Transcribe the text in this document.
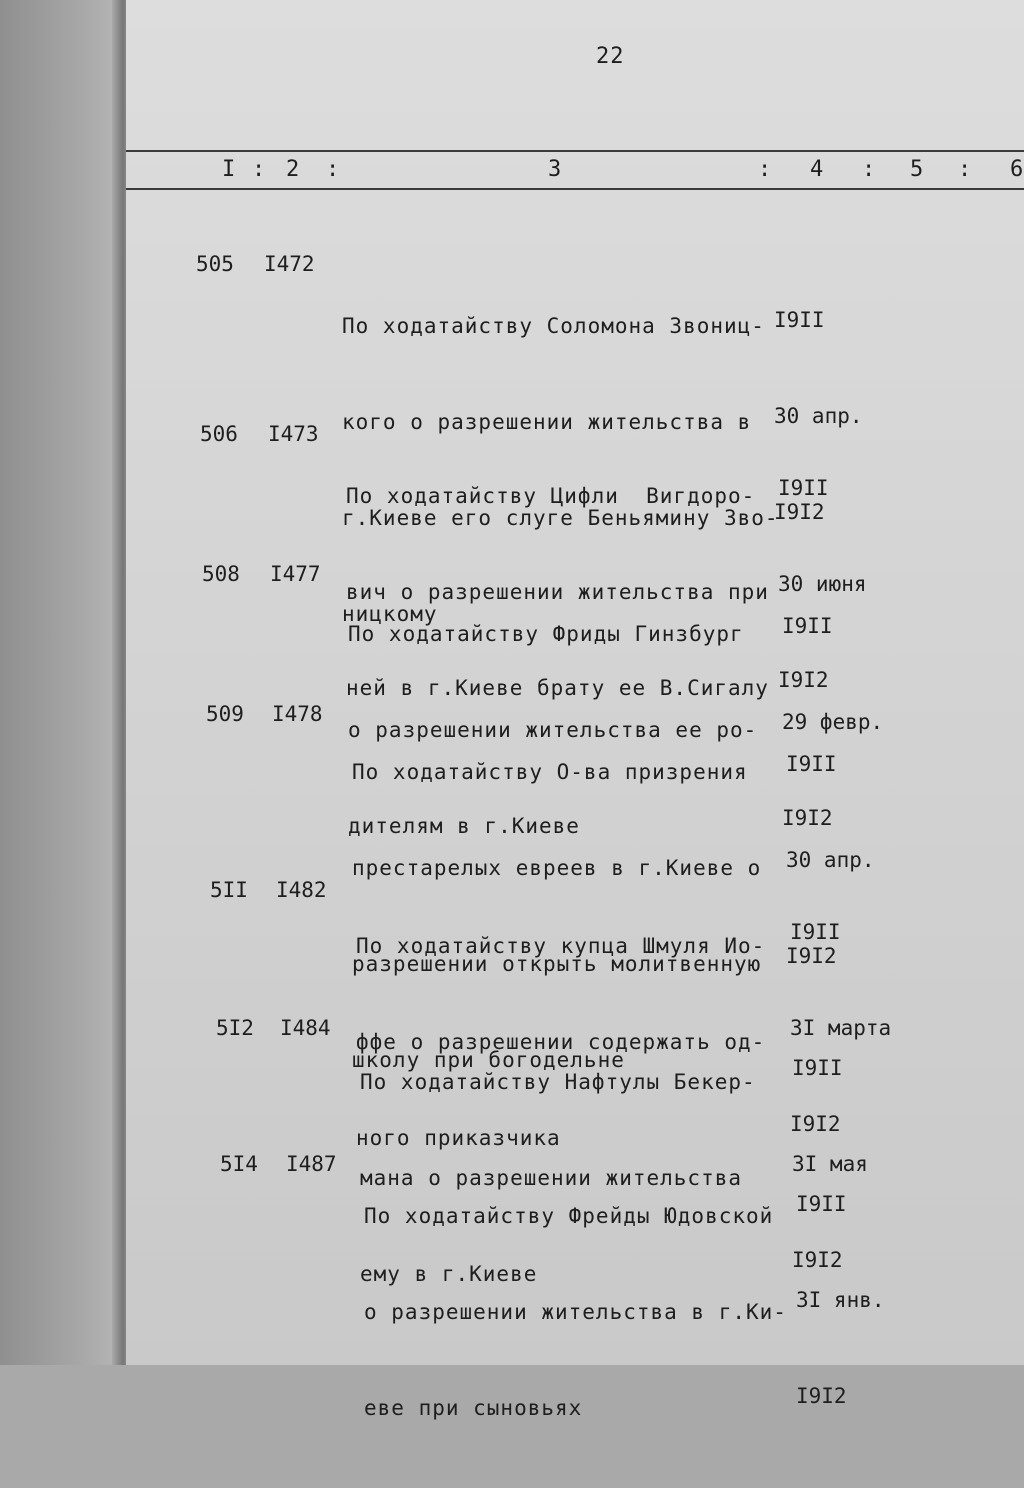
22
I : 2 :	3	: 4 : 5 : 6
505 I472

По ходатайству Соломона Звониц-

кого о разрешении жительства в

г.Киеве его слуге Беньямину Зво-

ницкому

I9II

30 апр.

I9I2

506 I473

По ходатайству Цифли  Вигдоро-

вич о разрешении жительства при

ней в г.Киеве брату ее В.Сигалу

I9II

30 июня

I9I2

508 I477

По ходатайству Фриды Гинзбург

о разрешении жительства ее ро-

дителям в г.Киеве

I9II

29 февр.

I9I2

509 I478

По ходатайству О-ва призрения

престарелых евреев в г.Киеве о

разрешении открыть молитвенную

школу при богодельне

I9II

30 апр.

I9I2

5II I482

По ходатайству купца Шмуля Ио-

ффе о разрешении содержать од-

ного приказчика

I9II

3I марта

I9I2

5I2 I484

По ходатайству Нафтулы Бекер-

мана о разрешении жительства

ему в г.Киеве

I9II

3I мая

I9I2

5I4 I487

По ходатайству Фрейды Юдовской

о разрешении жительства в г.Ки-

еве при сыновьях

I9II

3I янв.

I9I2
